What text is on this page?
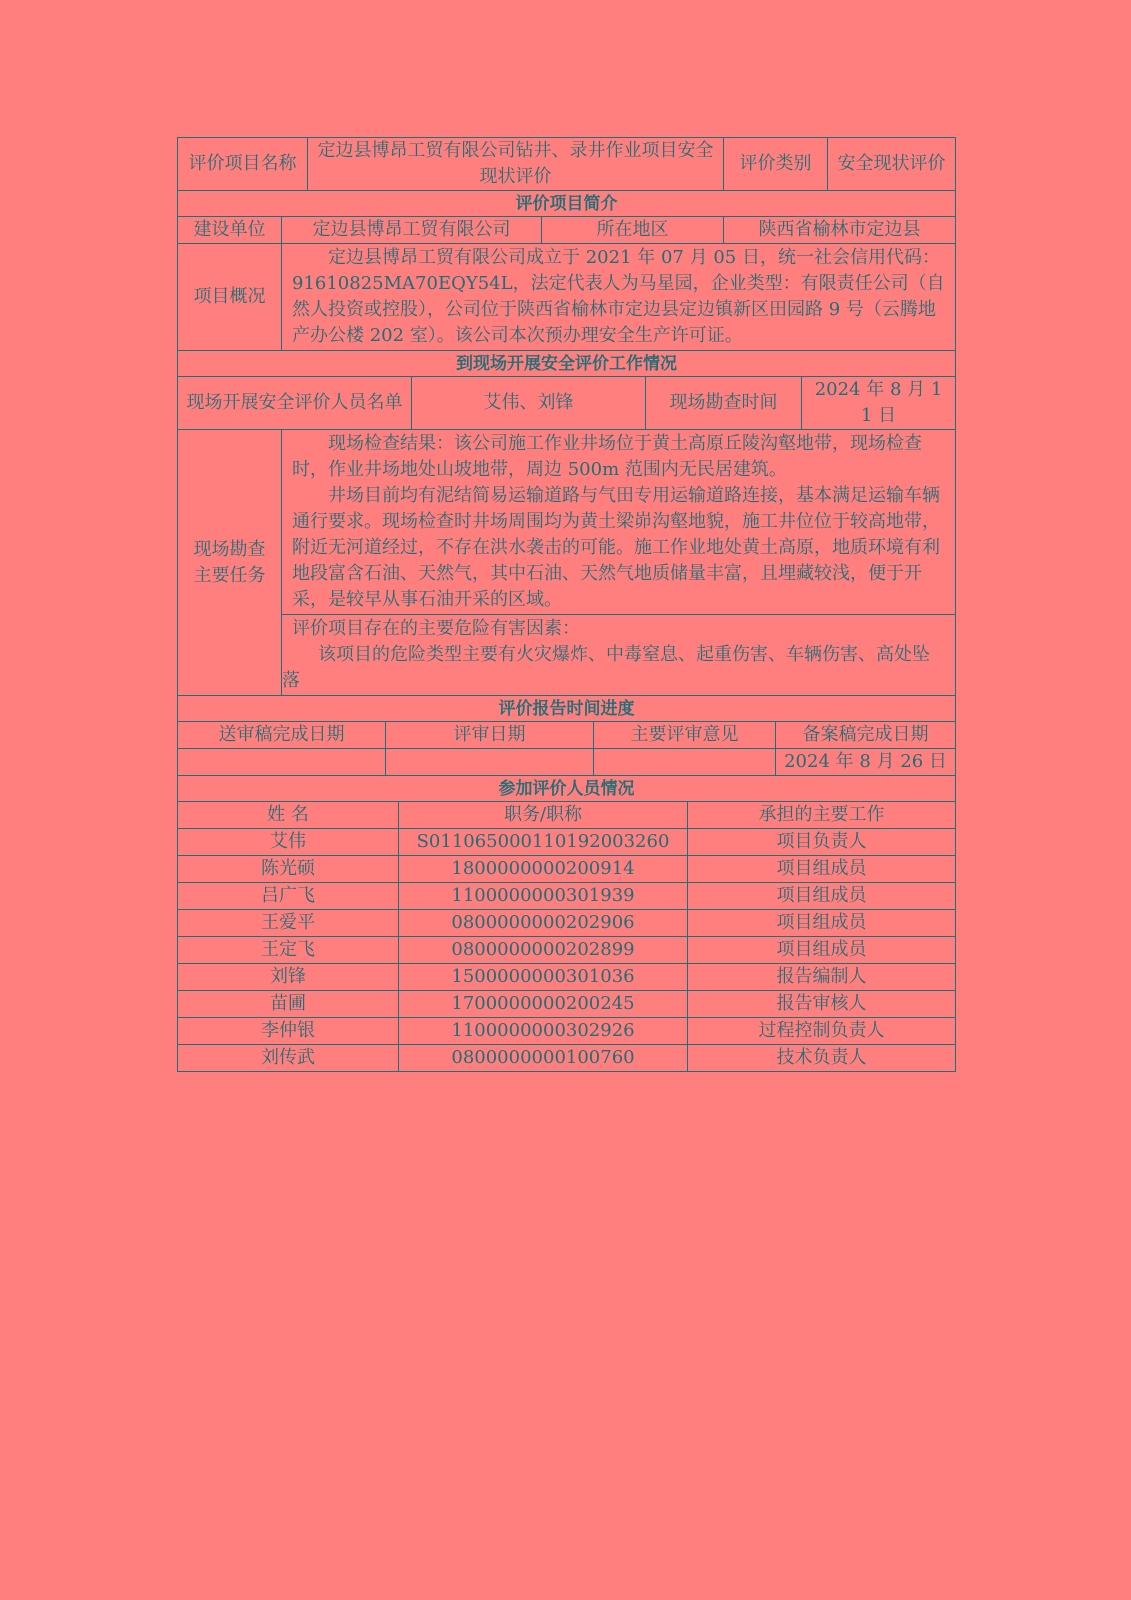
评价项目名称		定边县博昂工贸有限公司钻井、录井作业项目安全现状评价						评价类别			安全现状评价
评价项目简介											
建设单位	定边县博昂工贸有限公司				所在地区			陕西省榆林市定边县			
项目概况	定边县博昂工贸有限公司成立于 2021 年 07 月 05 日，统一社会信用代码：91610825MA70EQY54L，法定代表人为马星园，企业类型：有限责任公司（自然人投资或控股），公司位于陕西省榆林市定边县定边镇新区田园路 9 号（云腾地产办公楼 202 室）。该公司本次预办理安全生产许可证。										

到现场开展安全评价工作情况											
现场开展安全评价人员名单				艾伟、刘锋			现场勘查时间			2024 年 8 月 11 日	
现场勘查主要任务	现场检查结果：该公司施工作业井场位于黄土高原丘陵沟壑地带，现场检查时，作业井场地处山坡地带，周边 500m 范围内无民居建筑。

井场目前均有泥结简易运输道路与气田专用运输道路连接，基本满足运输车辆通行要求。现场检查时井场周围均为黄土梁峁沟壑地貌，施工井位位于较高地带，附近无河道经过，不存在洪水袭击的可能。施工作业地处黄土高原，地质环境有利地段富含石油、天然气，其中石油、天然气地质储量丰富，且埋藏较浅，便于开采，是较早从事石油开采的区域。										

	评价项目存在的主要危险有害因素：

该项目的危险类型主要有火灾爆炸、中毒窒息、起重伤害、车辆伤害、高处坠落										

评价报告时间进度											
送审稿完成日期			评审日期			主要评审意见			备案稿完成日期		
									2024 年 8 月 26 日		
参加评价人员情况											
姓 名	职务/职称	承担的主要工作
艾伟	S011065000110192003260	项目负责人
陈光硕	1800000000200914	项目组成员
吕广飞	1100000000301939	项目组成员
王爱平	0800000000202906	项目组成员
王定飞	0800000000202899	项目组成员
刘锋	1500000000301036	报告编制人
苗圃	1700000000200245	报告审核人
李仲银	1100000000302926	过程控制负责人
刘传武	0800000000100760	技术负责人
